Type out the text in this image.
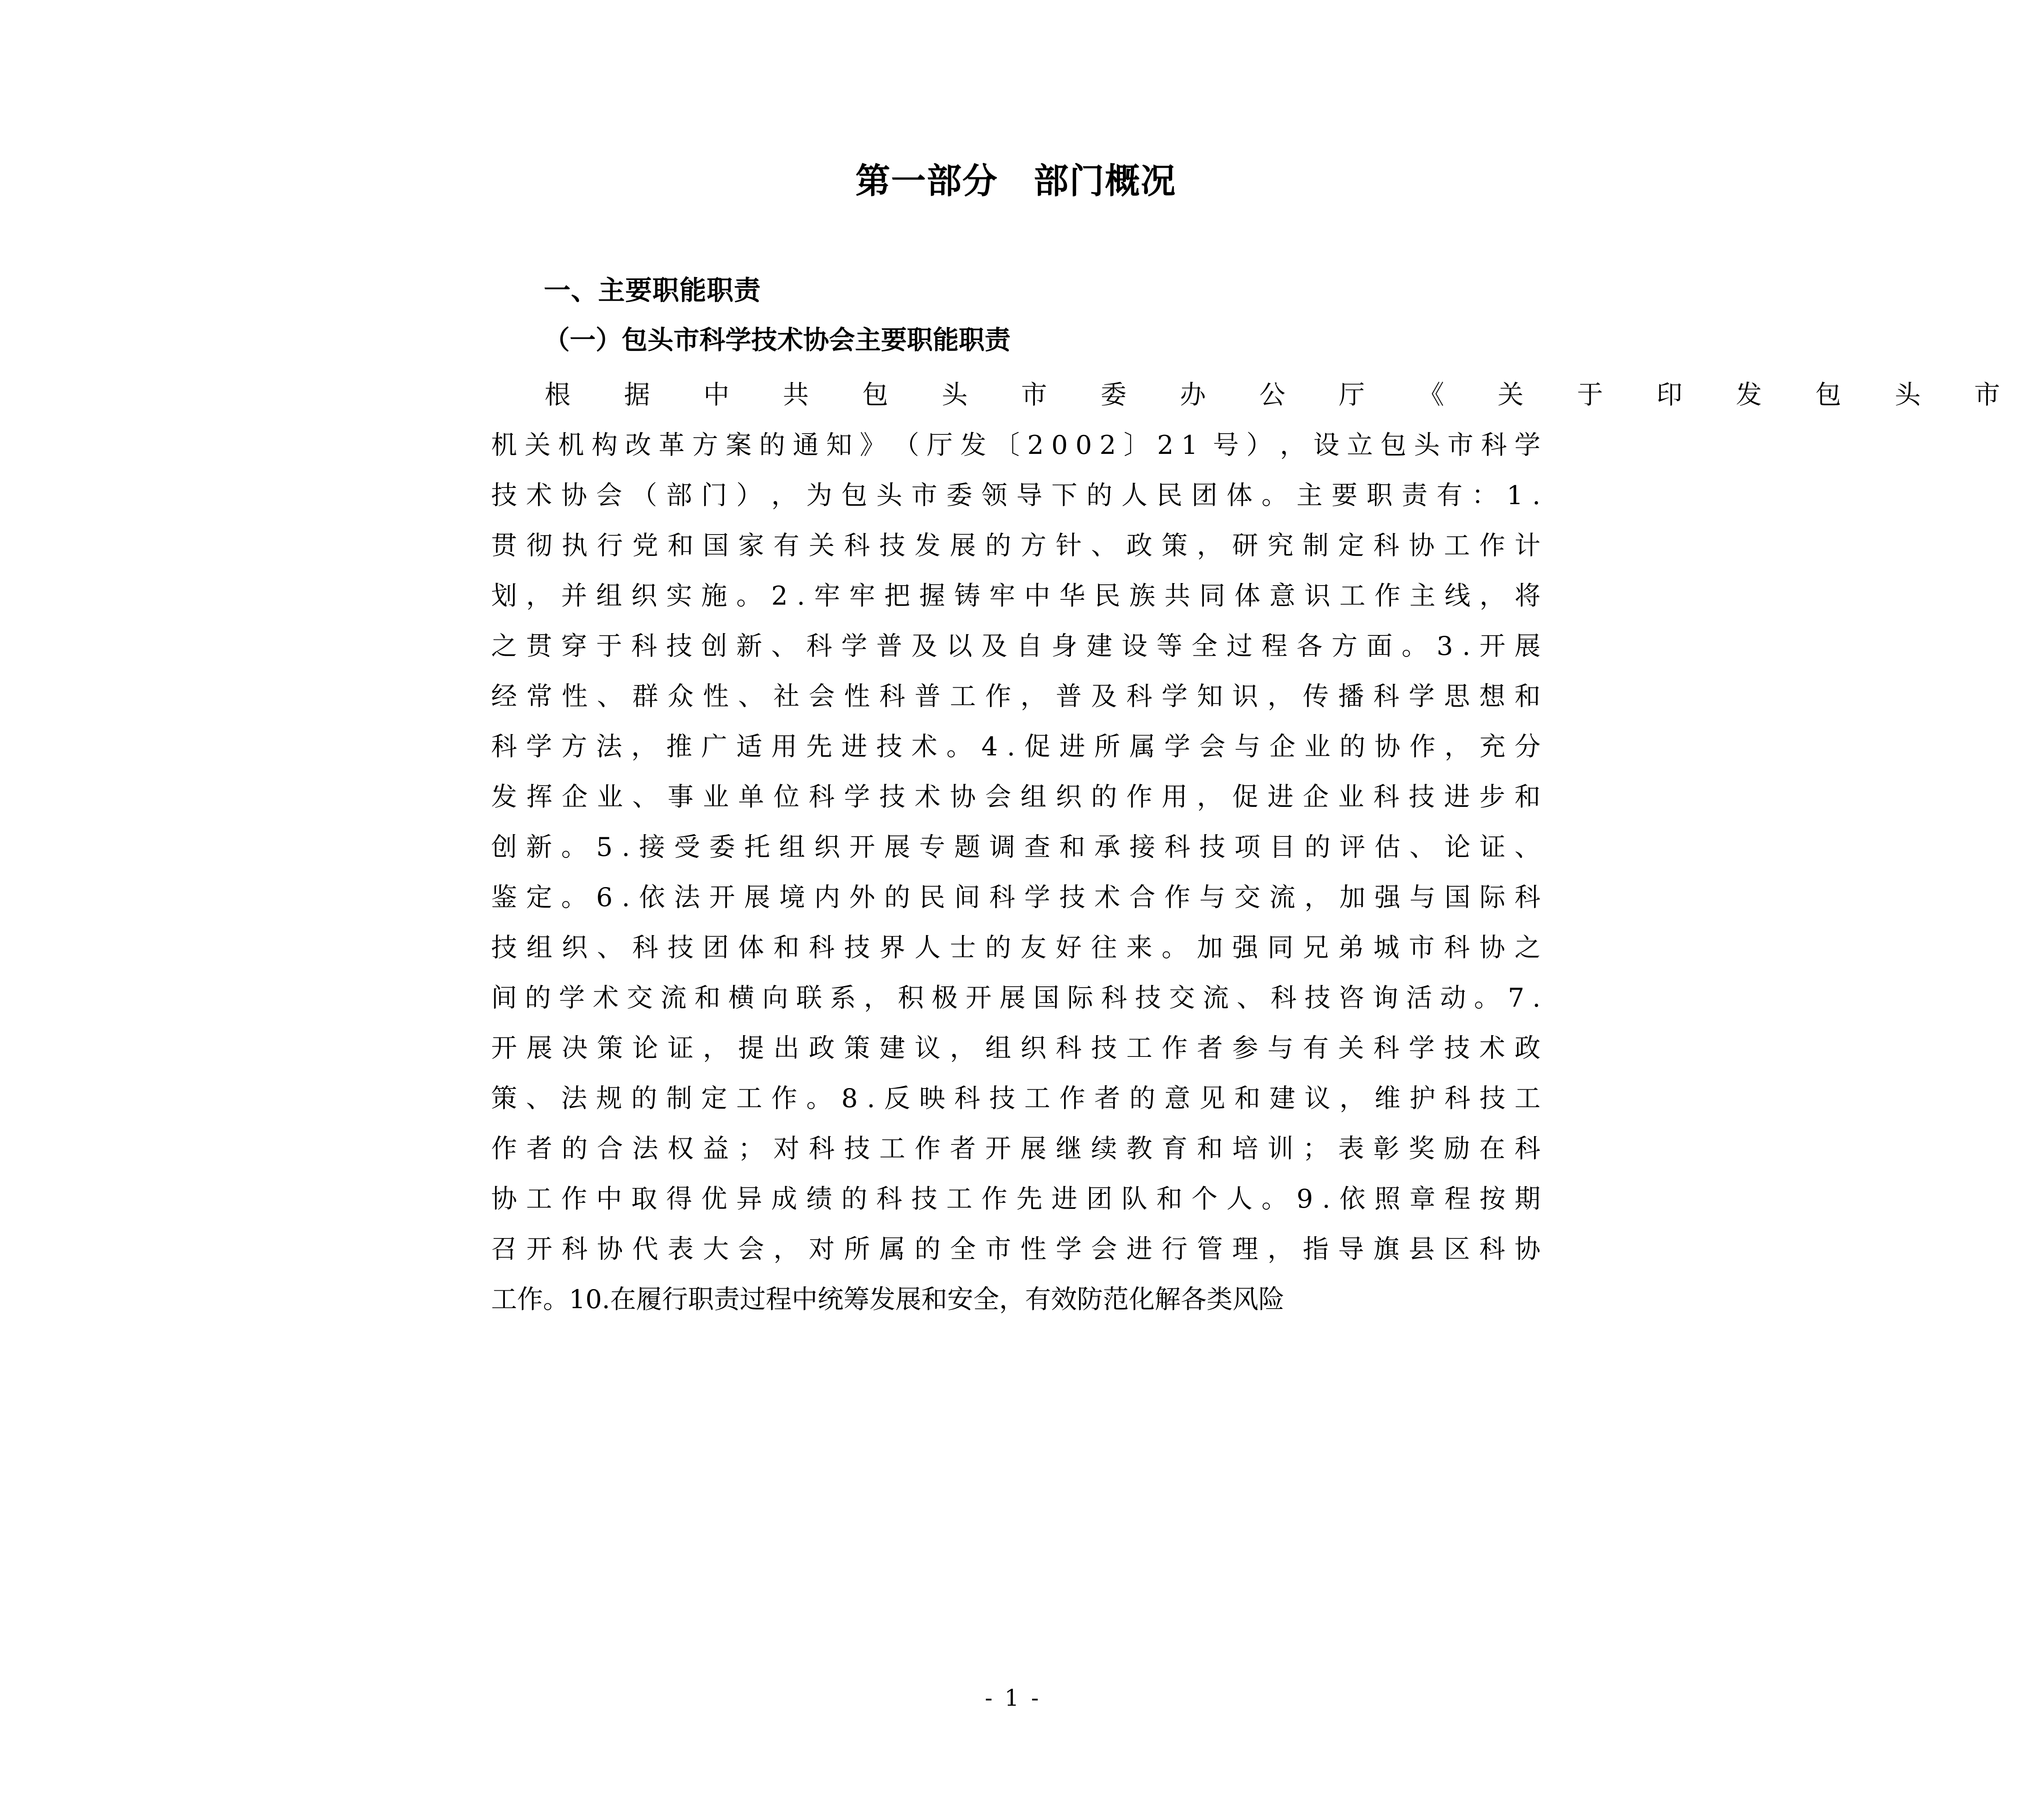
第一部分　部门概况
一、主要职能职责
（一）包头市科学技术协会主要职能职责
根	据	中	共	包	头	市	委	办	公	厅	《	关	于	印	发	包	头	市
机 关 机 构 改 革 方 案 的 通 知 》 （ 厅 发 〔 2 0 0 2 〕 2 1 号 ） ， 设 立 包 头 市 科 学
技 术 协 会 （ 部 门 ） ， 为 包 头 市 委 领 导 下 的 人 民 团 体 。 主 要 职 责 有 ： 1 .
贯 彻 执 行 党 和 国 家 有 关 科 技 发 展 的 方 针 、 政 策 ， 研 究 制 定 科 协 工 作 计
划 ， 并 组 织 实 施 。 2 . 牢 牢 把 握 铸 牢 中 华 民 族 共 同 体 意 识 工 作 主 线 ， 将
之 贯 穿 于 科 技 创 新 、 科 学 普 及 以 及 自 身 建 设 等 全 过 程 各 方 面 。 3 . 开 展
经 常 性 、 群 众 性 、 社 会 性 科 普 工 作 ， 普 及 科 学 知 识 ， 传 播 科 学 思 想 和
科 学 方 法 ， 推 广 适 用 先 进 技 术 。 4 . 促 进 所 属 学 会 与 企 业 的 协 作 ， 充 分
发 挥 企 业 、 事 业 单 位 科 学 技 术 协 会 组 织 的 作 用 ， 促 进 企 业 科 技 进 步 和
创 新 。 5 . 接 受 委 托 组 织 开 展 专 题 调 查 和 承 接 科 技 项 目 的 评 估 、 论 证 、
鉴 定 。 6 . 依 法 开 展 境 内 外 的 民 间 科 学 技 术 合 作 与 交 流 ， 加 强 与 国 际 科
技 组 织 、 科 技 团 体 和 科 技 界 人 士 的 友 好 往 来 。 加 强 同 兄 弟 城 市 科 协 之
间 的 学 术 交 流 和 横 向 联 系 ， 积 极 开 展 国 际 科 技 交 流 、 科 技 咨 询 活 动 。 7 .
开 展 决 策 论 证 ， 提 出 政 策 建 议 ， 组 织 科 技 工 作 者 参 与 有 关 科 学 技 术 政
策 、 法 规 的 制 定 工 作 。 8 . 反 映 科 技 工 作 者 的 意 见 和 建 议 ， 维 护 科 技 工
作 者 的 合 法 权 益 ； 对 科 技 工 作 者 开 展 继 续 教 育 和 培 训 ； 表 彰 奖 励 在 科
协 工 作 中 取 得 优 异 成 绩 的 科 技 工 作 先 进 团 队 和 个 人 。 9 . 依 照 章 程 按 期
召 开 科 协 代 表 大 会 ， 对 所 属 的 全 市 性 学 会 进 行 管 理 ， 指 导 旗 县 区 科 协
工作。10.在履行职责过程中统筹发展和安全，有效防范化解各类风险
- 1 -
